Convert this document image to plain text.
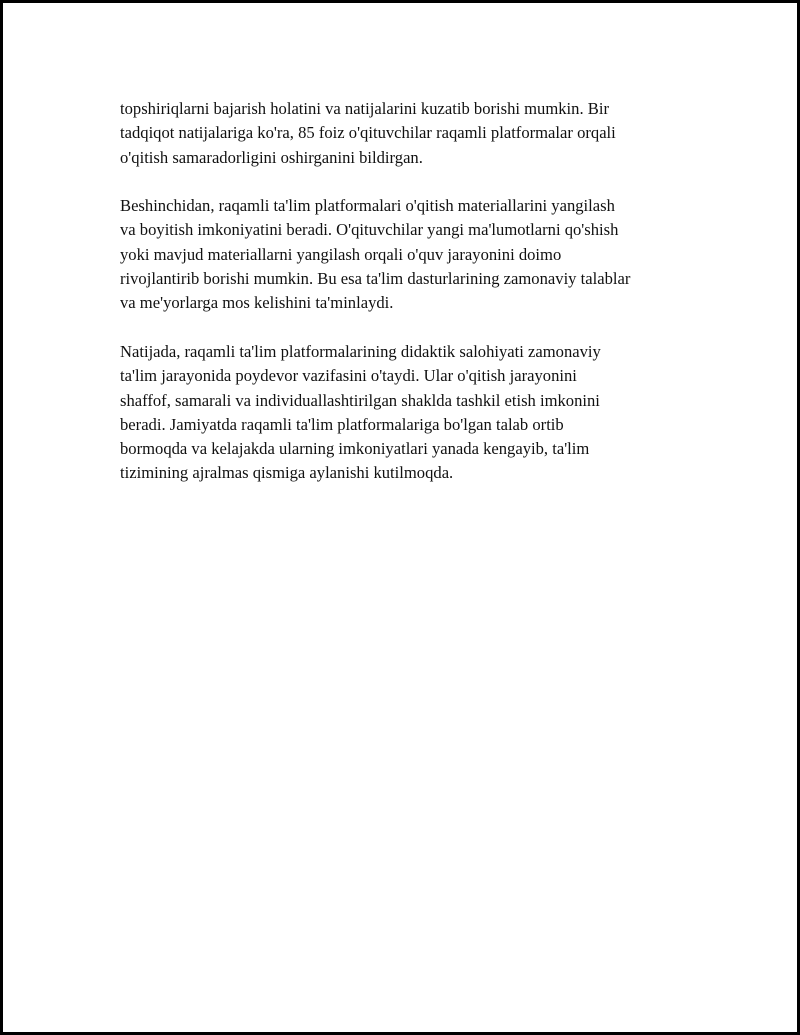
topshiriqlarni bajarish holatini va natijalarini kuzatib borishi mumkin. Bir
tadqiqot natijalariga ko'ra, 85 foiz o'qituvchilar raqamli platformalar orqali
o'qitish samaradorligini oshirganini bildirgan.

Beshinchidan, raqamli ta'lim platformalari o'qitish materiallarini yangilash
va boyitish imkoniyatini beradi. O'qituvchilar yangi ma'lumotlarni qo'shish
yoki mavjud materiallarni yangilash orqali o'quv jarayonini doimo
rivojlantirib borishi mumkin. Bu esa ta'lim dasturlarining zamonaviy talablar
va me'yorlarga mos kelishini ta'minlaydi.

Natijada, raqamli ta'lim platformalarining didaktik salohiyati zamonaviy
ta'lim jarayonida poydevor vazifasini o'taydi. Ular o'qitish jarayonini
shaffof, samarali va individuallashtirilgan shaklda tashkil etish imkonini
beradi. Jamiyatda raqamli ta'lim platformalariga bo'lgan talab ortib
bormoqda va kelajakda ularning imkoniyatlari yanada kengayib, ta'lim
tizimining ajralmas qismiga aylanishi kutilmoqda.
